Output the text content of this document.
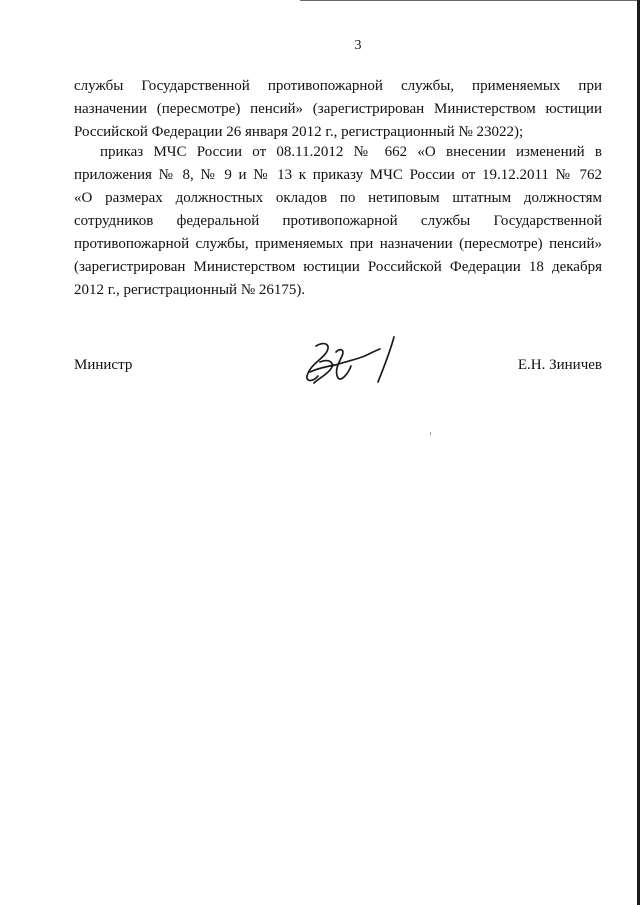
3
службы Государственной противопожарной службы, применяемых при
назначении (пересмотре) пенсий» (зарегистрирован Министерством юстиции
Российской Федерации 26 января 2012 г., регистрационный № 23022);
приказ МЧС России от 08.11.2012 № 662 «О внесении изменений в
приложения № 8, № 9 и № 13 к приказу МЧС России от 19.12.2011 № 762
«О размерах должностных окладов по нетиповым штатным должностям
сотрудников федеральной противопожарной службы Государственной
противопожарной службы, применяемых при назначении (пересмотре) пенсий»
(зарегистрирован Министерством юстиции Российской Федерации 18 декабря
2012 г., регистрационный № 26175).
Министр	Е.Н. Зиничев
